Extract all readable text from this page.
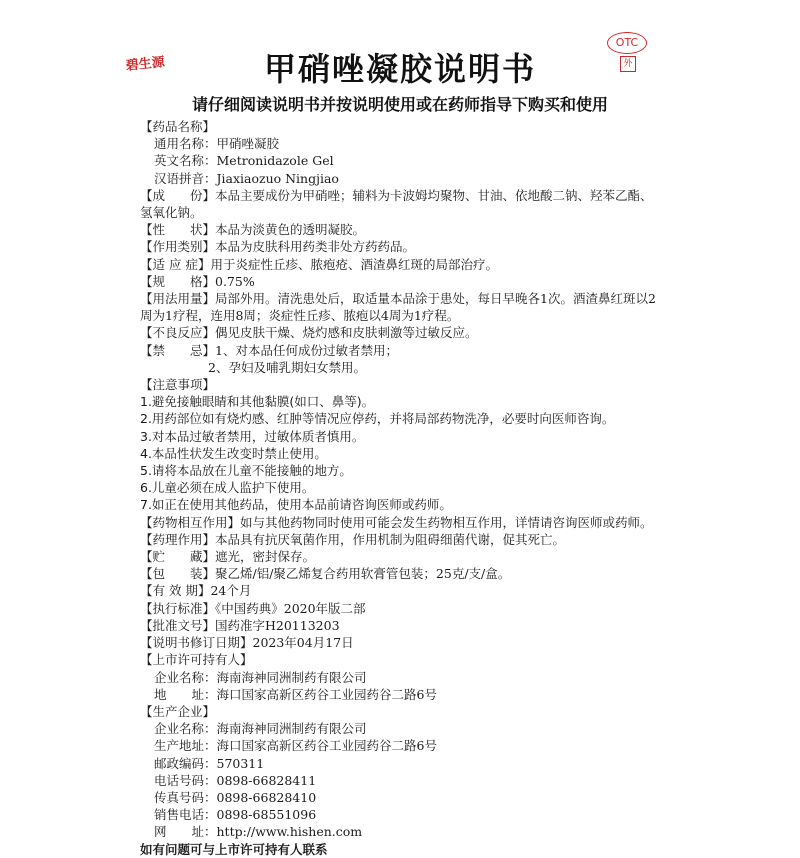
碧生源
OTC
外
甲硝唑凝胶说明书
请仔细阅读说明书并按说明使用或在药师指导下购买和使用
【药品名称】
通用名称：甲硝唑凝胶
英文名称：Metronidazole Gel
汉语拼音：Jiaxiaozuo Ningjiao
【成　　份】本品主要成份为甲硝唑；辅料为卡波姆均聚物、甘油、依地酸二钠、羟苯乙酯、
氢氧化钠。
【性　　状】本品为淡黄色的透明凝胶。
【作用类别】本品为皮肤科用药类非处方药药品。
【适 应 症】用于炎症性丘疹、脓疱疮、酒渣鼻红斑的局部治疗。
【规　　格】0.75%
【用法用量】局部外用。清洗患处后，取适量本品涂于患处，每日早晚各1次。酒渣鼻红斑以2
周为1疗程，连用8周；炎症性丘疹、脓疱以4周为1疗程。
【不良反应】偶见皮肤干燥、烧灼感和皮肤刺激等过敏反应。
【禁　　忌】1、对本品任何成份过敏者禁用；
2、孕妇及哺乳期妇女禁用。
【注意事项】
1.避免接触眼睛和其他黏膜(如口、鼻等)。
2.用药部位如有烧灼感、红肿等情况应停药，并将局部药物洗净，必要时向医师咨询。
3.对本品过敏者禁用，过敏体质者慎用。
4.本品性状发生改变时禁止使用。
5.请将本品放在儿童不能接触的地方。
6.儿童必须在成人监护下使用。
7.如正在使用其他药品，使用本品前请咨询医师或药师。
【药物相互作用】如与其他药物同时使用可能会发生药物相互作用，详情请咨询医师或药师。
【药理作用】本品具有抗厌氧菌作用，作用机制为阻碍细菌代谢，促其死亡。
【贮　　藏】遮光，密封保存。
【包　　装】聚乙烯/铝/聚乙烯复合药用软膏管包装；25克/支/盒。
【有 效 期】24个月
【执行标准】《中国药典》2020年版二部
【批准文号】国药准字H20113203
【说明书修订日期】2023年04月17日
【上市许可持有人】
企业名称：海南海神同洲制药有限公司
地　　址：海口国家高新区药谷工业园药谷二路6号
【生产企业】
企业名称：海南海神同洲制药有限公司
生产地址：海口国家高新区药谷工业园药谷二路6号
邮政编码：570311
电话号码：0898-66828411
传真号码：0898-66828410
销售电话：0898-68551096
网　　址：http://www.hishen.com
如有问题可与上市许可持有人联系
